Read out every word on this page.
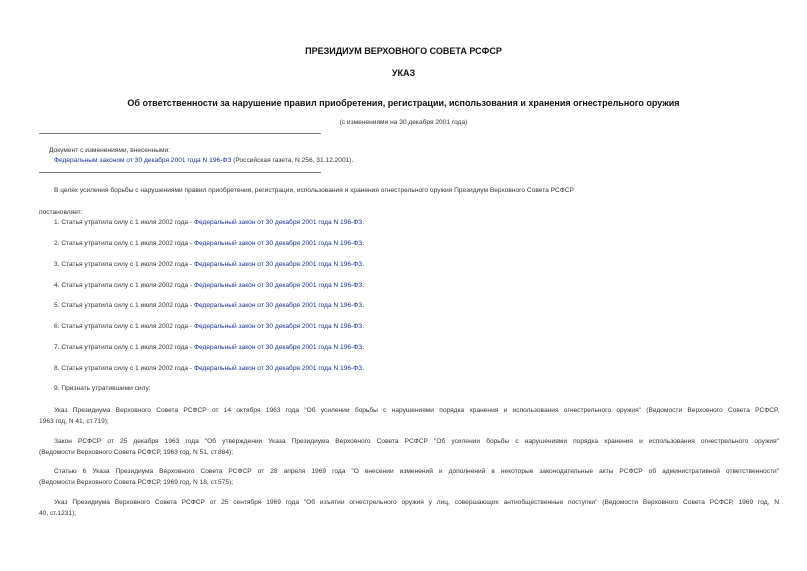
ПРЕЗИДИУМ ВЕРХОВНОГО СОВЕТА РСФСР
УКАЗ
Об ответственности за нарушение правил приобретения, регистрации, использования и хранения огнестрельного оружия
(с изменениями на 30 декабря 2001 года)
Документ с изменениями, внесенными:
Федеральным законом от 30 декабря 2001 года N 196-ФЗ (Российская газета, N 256, 31.12.2001).
В целях усиления борьбы с нарушениями правил приобретения, регистрации, использования и хранения огнестрельного оружия Президиум Верховного Совета РСФСР
постановляет:
1. Статья утратила силу с 1 июля 2002 года - Федеральный закон от 30 декабря 2001 года N 196-ФЗ.
2. Статья утратила силу с 1 июля 2002 года - Федеральный закон от 30 декабря 2001 года N 196-ФЗ.
3. Статья утратила силу с 1 июля 2002 года - Федеральный закон от 30 декабря 2001 года N 196-ФЗ.
4. Статья утратила силу с 1 июля 2002 года - Федеральный закон от 30 декабря 2001 года N 196-ФЗ.
5. Статья утратила силу с 1 июля 2002 года - Федеральный закон от 30 декабря 2001 года N 196-ФЗ.
6. Статья утратила силу с 1 июля 2002 года - Федеральный закон от 30 декабря 2001 года N 196-ФЗ.
7. Статья утратила силу с 1 июля 2002 года - Федеральный закон от 30 декабря 2001 года N 196-ФЗ.
8. Статья утратила силу с 1 июля 2002 года - Федеральный закон от 30 декабря 2001 года N 196-ФЗ.
9. Признать утратившими силу:
Указ Президиума Верховного Совета РСФСР от 14 октября 1963 года "Об усилении борьбы с нарушениями порядка хранения и использования огнестрельного оружия" (Ведомости Верховного Совета РСФСР,
1963 год, N 41, ст.719);
Закон РСФСР от 25 декабря 1963 года "Об утверждении Указа Президиума Верховного Совета РСФСР "Об усилении борьбы с нарушениями порядка хранения и использования огнестрельного оружия"
(Ведомости Верховного Совета РСФСР, 1963 год, N 51, ст.884);
Статью 6 Указа Президиума Верховного Совета РСФСР от 28 апреля 1969 года "О внесении изменений и дополнений в некоторые законодательные акты РСФСР об административной ответственности"
(Ведомости Верховного Совета РСФСР, 1969 год, N 18, ст.575);
Указ Президиума Верховного Совета РСФСР от 25 сентября 1969 года "Об изъятии огнестрельного оружия у лиц, совершающих антиобщественные поступки" (Ведомости Верховного Совета РСФСР, 1969 год, N
40, ст.1231);
